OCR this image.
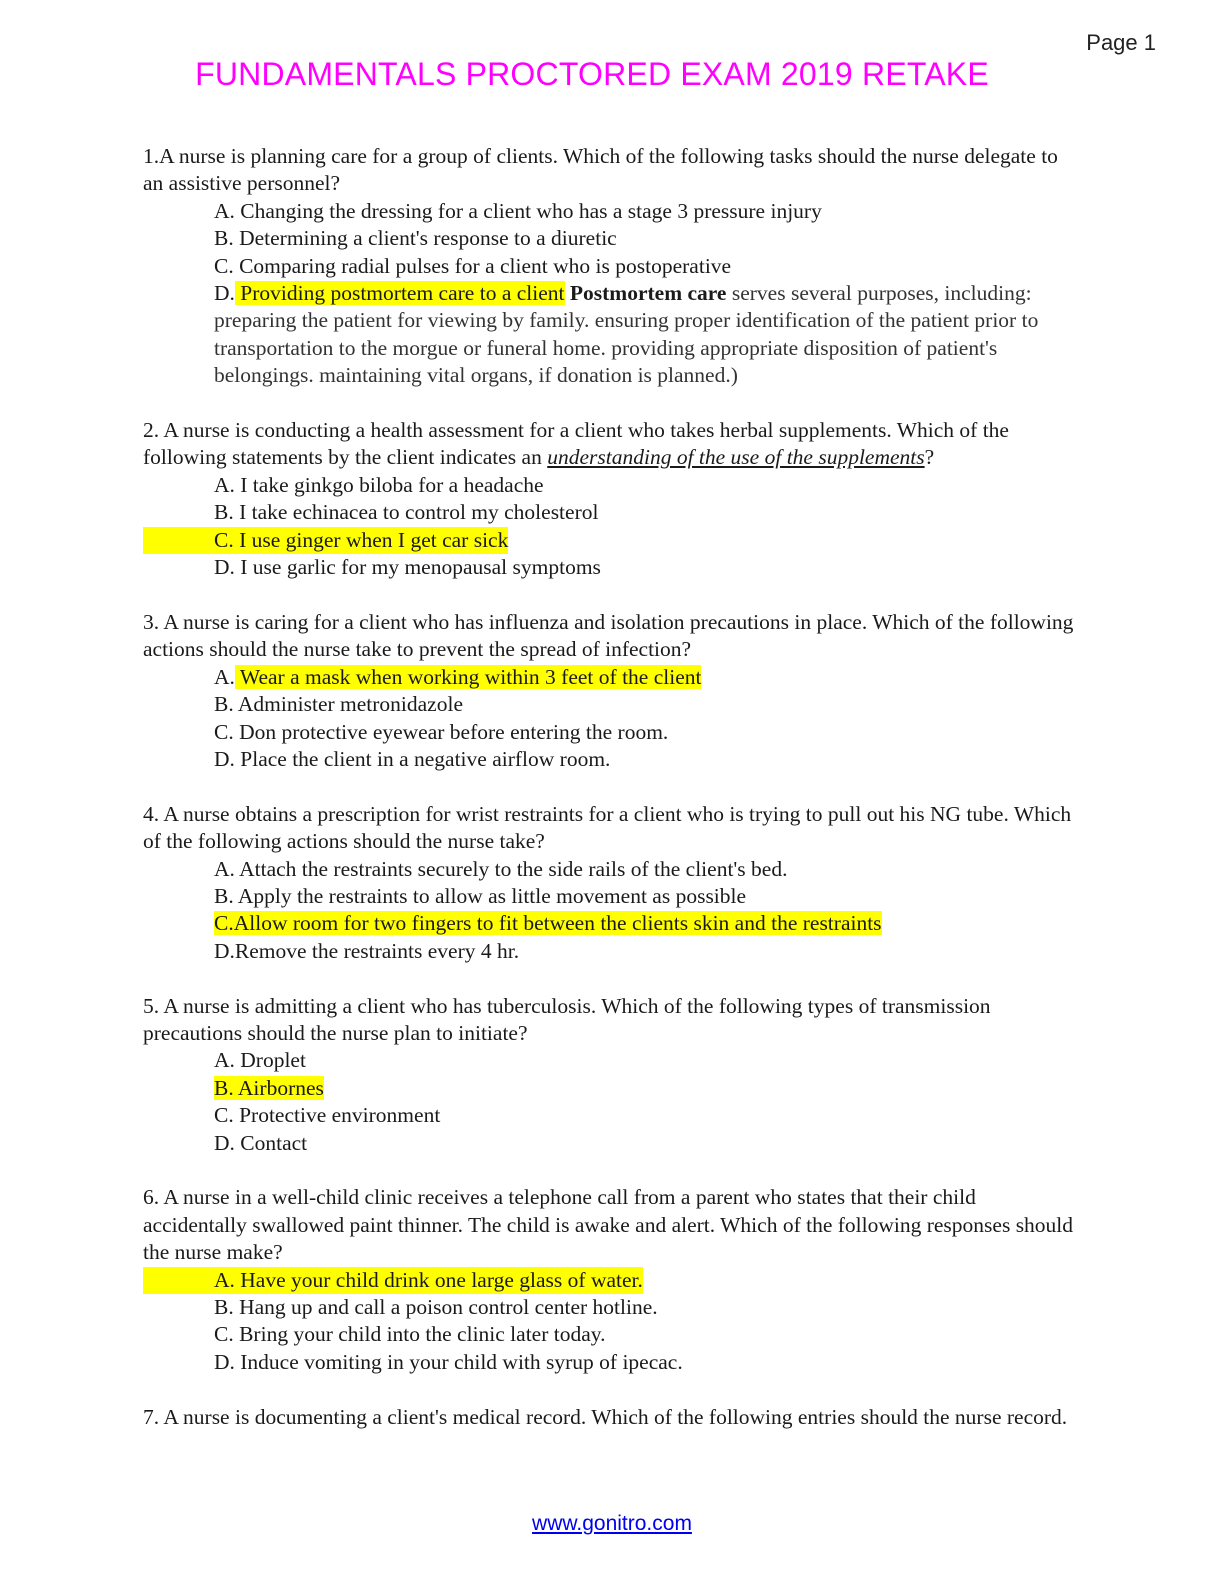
Page 1
FUNDAMENTALS PROCTORED EXAM 2019 RETAKE

1.A nurse is planning care for a group of clients. Which of the following tasks should the nurse delegate to an assistive personnel?

A. Changing the dressing for a client who has a stage 3 pressure injury

B. Determining a client's response to a diuretic

C. Comparing radial pulses for a client who is postoperative

D. Providing postmortem care to a client Postmortem care serves several purposes, including: preparing the patient for viewing by family. ensuring proper identification of the patient prior to transportation to the morgue or funeral home. providing appropriate disposition of patient's belongings. maintaining vital organs, if donation is planned.)

2. A nurse is conducting a health assessment for a client who takes herbal supplements. Which of the following statements by the client indicates an understanding of the use of the supplements?

A. I take ginkgo biloba for a headache

B. I take echinacea to control my cholesterol

C. I use ginger when I get car sick

D. I use garlic for my menopausal symptoms

3. A nurse is caring for a client who has influenza and isolation precautions in place. Which of the following actions should the nurse take to prevent the spread of infection?

A. Wear a mask when working within 3 feet of the client

B. Administer metronidazole

C. Don protective eyewear before entering the room.

D. Place the client in a negative airflow room.

4. A nurse obtains a prescription for wrist restraints for a client who is trying to pull out his NG tube. Which of the following actions should the nurse take?

A. Attach the restraints securely to the side rails of the client's bed.

B. Apply the restraints to allow as little movement as possible

C.Allow room for two fingers to fit between the clients skin and the restraints

D.Remove the restraints every 4 hr.

5. A nurse is admitting a client who has tuberculosis. Which of the following types of transmission precautions should the nurse plan to initiate?

A. Droplet

B. Airbornes

C. Protective environment

D. Contact

6. A nurse in a well-child clinic receives a telephone call from a parent who states that their child accidentally swallowed paint thinner. The child is awake and alert. Which of the following responses should the nurse make?

A. Have your child drink one large glass of water.

B. Hang up and call a poison control center hotline.

C. Bring your child into the clinic later today.

D. Induce vomiting in your child with syrup of ipecac.

7. A nurse is documenting a client's medical record. Which of the following entries should the nurse record.

www.gonitro.com
